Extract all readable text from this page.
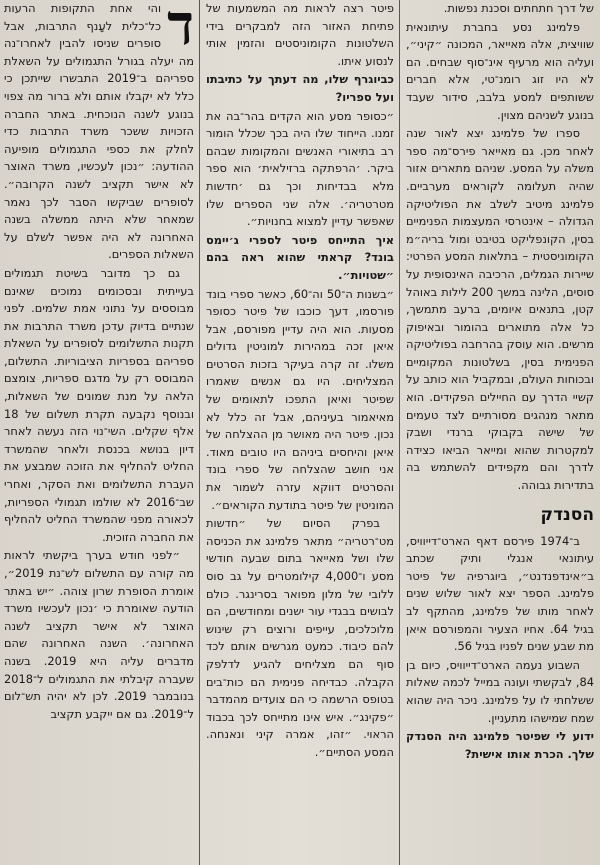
של דרך חתחתים וסכנת נפשות.

פלמינג נסע בחברת עיתונאית שוויצית, אלה מאייאר, המכונה ״קיני״, ועליה הוא מרעיף אינ־סוף שבחים. הם לא היו זוג רומנ־טי, אלא חברים ששותפים למסע בלבב, סידור שעבד בנוגע לשניהם מצוין.

ספרו של פלמינג יצא לאור שנה לאחר מכן. גם מאייאר פירס־מה ספר משלה על המסע. שניהם מתארים אזור שהיה תעלומה לקוראים מערביים. פלמינג מיטיב לשלב את הפוליטיקה הגדולה – אינטרסי המעצמות הפנימיים בסין, הקונפליקט בטיבט ומול בריה״מ הקומוניסטית – בתלאות המסע הפרטי: שיירות הגמלים, הרכיבה האינסופית על סוסים, הלינה במשך 200 לילות באוהל קטן, בתנאים איומים, ברעב מתמשך, כל אלה מתוארים בהומור ובאיפוק מרשים. הוא עוסק בהרחבה בפוליטיקה הפנימית בסין, בשלטונות המקומיים ובכוחות העולם, ובמקביל הוא כותב על קשיי הדרך עם החיילים הפקידים. הוא מתאר מנהגים מסורתיים לצד טעמים של שישה בקבוקי ברנדי ושבק למקטרות שהוא ומייאר הביאו כצידה לדרך והם מקפידים להשתמש בה בתדירות גבוהה.

הסנדק

ב־1974 פירסם דאף הארט־דייוויס, עיתונאי אנגלי ותיק שכתב ב״אינדפנדנט״, ביוגרפיה של פיטר פלמינג. הספר יצא לאור שלוש שנים לאחר מותו של פלמינג, מהתקף לב בגיל 64. אחיו הצעיר והמפורסם איאן מת שבע שנים לפניו בגיל 56.

השבוע נעמה הארט־דייוויס, כיום בן 84, לבקשתי ועונה במייל לכמה שאלות ששלחתי לו על פלמינג. ניכר היה שהוא שמח שמישהו מתעניין.

ידוע לי שפיטר פלמינג היה הסנדק שלך. הכרת אותו אישית?

פיטר רצה לראות מה המשמעות של פתיחת האזור הזה למבקרים בידי השלטונות הקומוניסטים והזמין אותי לנסוע איתו.

כביוגרף שלו, מה דעתך על כתיבתו ועל ספריו?

״כסופר מסע הוא הקדים בהר־בה את זמנו. הייחוד שלו היה בכך שכלל הומור רב בתיאורי האנשים והמקומות שבהם ביקר. ׳הרפתקה ברזילאית׳ הוא ספר מלא בבדיחות וכך גם ׳חדשות מטרטריה׳. אלה שני הספרים שלו שאפשר עדיין למצוא בחנויות״.

איך התייחס פיטר לספרי ג׳יימס בונד? קראתי שהוא ראה בהם ״שטויות״.

״בשנות ה־50 וה־60, כאשר ספרי בונד פורסמו, דעך כוכבו של פיטר כסופר מסעות. הוא היה עדיין מפורסם, אבל איאן זכה במהירות למוניטין גדולים משלו. זה קרה בעיקר בזכות הסרטים המצליחים. היו גם אנשים שאמרו שפיטר ואיאן התפכו לתאומים של מאיאמור בעיניהם, אבל זה כלל לא נכון. פיטר היה מאושר מן ההצלחה של איאן והיחסים ביניהם היו טובים מאוד. אני חושב שהצלחה של ספרי בונד והסרטים דווקא עזרה לשמור את המוניטין של פיטר בתודעת הקוראים״.

בפרק הסיום של ״חדשות מט־רטריה״ מתאר פלמינג את הכניסה שלו ושל מאייאר בתום שבעה חודשי מסע ו־4,000 קילומטרים על גב סוס ללובי של מלון מפואר בסרינגר. כולם לבושים בבגדי עור ישנים ומחודשים, הם מלוכלכים, עייפים ורוצים רק שינוש להם כיבוד. כמעט מגרשים אותם לכד סוף הם מצליחים להגיע לדלפק הקבלה. כבדיחה פנימית הם כות־בים בטופס הרשמה כי הם צועדים מהמדבר ״פקינג״. איש אינו מתייחס לכך בכבוד הראוי. ״זהו, אמרה קיני ונאנחה. המסע הסתיים״.

ד
והי אחת התקופות הרעות כל־כלית לעָנף התרבות, אבל סופרים שניסו להבין לאחרו־נה מה יעלה בגורל התגמולים על השאלת ספריהם ב־2019 התבשרו שייתכן כי כלל לא יקבלו אותם ולא ברור מה צפוי בנוגע לשנה הנוכחית. באתר החברה הזכויות ששכר משרד התרבות כדי לחלק את כספי התגמולים מופיעה ההודעה: ״נכון לעכשיו, משרד האוצר לא אישר תקציב לשנה הקרובה״. לסופרים שביקשו הסבר לכך נאמר שמאחר שלא היתה ממשלה בשנה האחרונה לא היה אפשר לשלם על השאלות הספרים.

גם כך מדובר בשיטת תגמולים בעייתית ובסכומים נמוכים שאינם מבוססים על נתוני אמת שלמים. לפני שנתיים בדיוק עדכן משרד התרבות את תקנות התשלומים לסופרים על השאלת ספריהם בספריות הציבוריות. התשלום, המבוסס רק על מדגם ספריות, צומצם הלאה על מנת שמונים של השאלות, ובנוסף נקבעה תקרת תשלום של 18 אלף שקלים. השי־נוי הזה נעשה לאחר דיון בנושא בכנסת ולאחר שהמשרד החליט להחליף את הזוכה שמבצע את העברת התשלומים ואת הסקר, ואחרי שב־2016 לא שולמו תגמולי הספריות, לכאורה מפני שהמשרד החליט להחליף את החברה הזוכית.

״לפני חודש בערך ביקשתי לראות מה קורה עם התשלום לש־נת 2019״, אומרת הסופרת שרון צוהה. ״יש באתר הודעה שאומרת כי ׳נכון לעכשיו משרד האוצר לא אישר תקציב לשנה האחרונה׳. השנה האחרונה שהם מדברים עליה היא 2019. בשנה שעברה קיבלתי את התגמולים ל־2018 בנובמבר 2019. לכן לא יהיה תש־לום ל־2019. גם אם ייקבע תקציב
